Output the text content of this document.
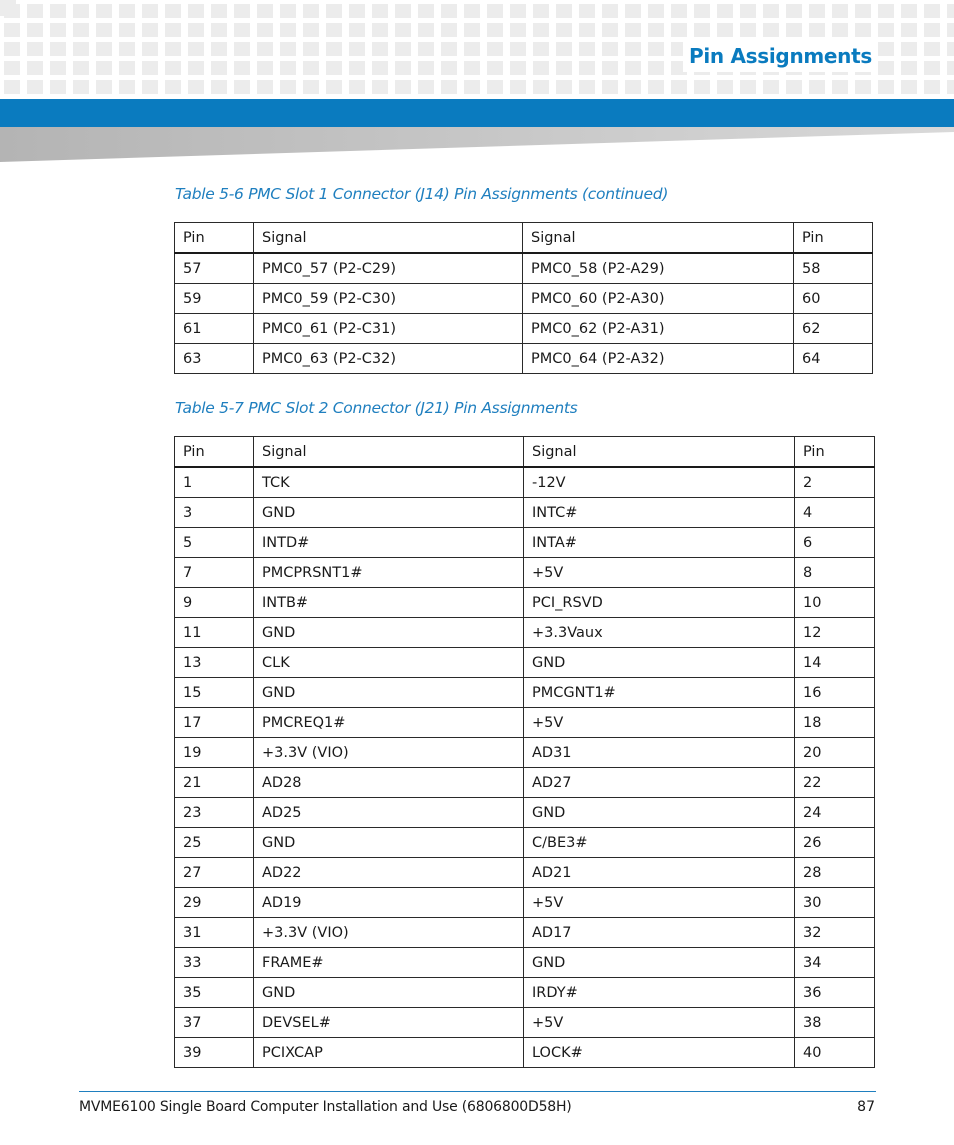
Pin Assignments
Table 5-6 PMC Slot 1 Connector (J14) Pin Assignments (continued)
Pin	Signal	Signal	Pin
57	PMC0_57 (P2-C29)	PMC0_58 (P2-A29)	58
59	PMC0_59 (P2-C30)	PMC0_60 (P2-A30)	60
61	PMC0_61 (P2-C31)	PMC0_62 (P2-A31)	62
63	PMC0_63 (P2-C32)	PMC0_64 (P2-A32)	64
Table 5-7 PMC Slot 2 Connector (J21) Pin Assignments
Pin	Signal	Signal	Pin
1	TCK	-12V	2
3	GND	INTC#	4
5	INTD#	INTA#	6
7	PMCPRSNT1#	+5V	8
9	INTB#	PCI_RSVD	10
11	GND	+3.3Vaux	12
13	CLK	GND	14
15	GND	PMCGNT1#	16
17	PMCREQ1#	+5V	18
19	+3.3V (VIO)	AD31	20
21	AD28	AD27	22
23	AD25	GND	24
25	GND	C/BE3#	26
27	AD22	AD21	28
29	AD19	+5V	30
31	+3.3V (VIO)	AD17	32
33	FRAME#	GND	34
35	GND	IRDY#	36
37	DEVSEL#	+5V	38
39	PCIXCAP	LOCK#	40
MVME6100 Single Board Computer Installation and Use (6806800D58H)	87
